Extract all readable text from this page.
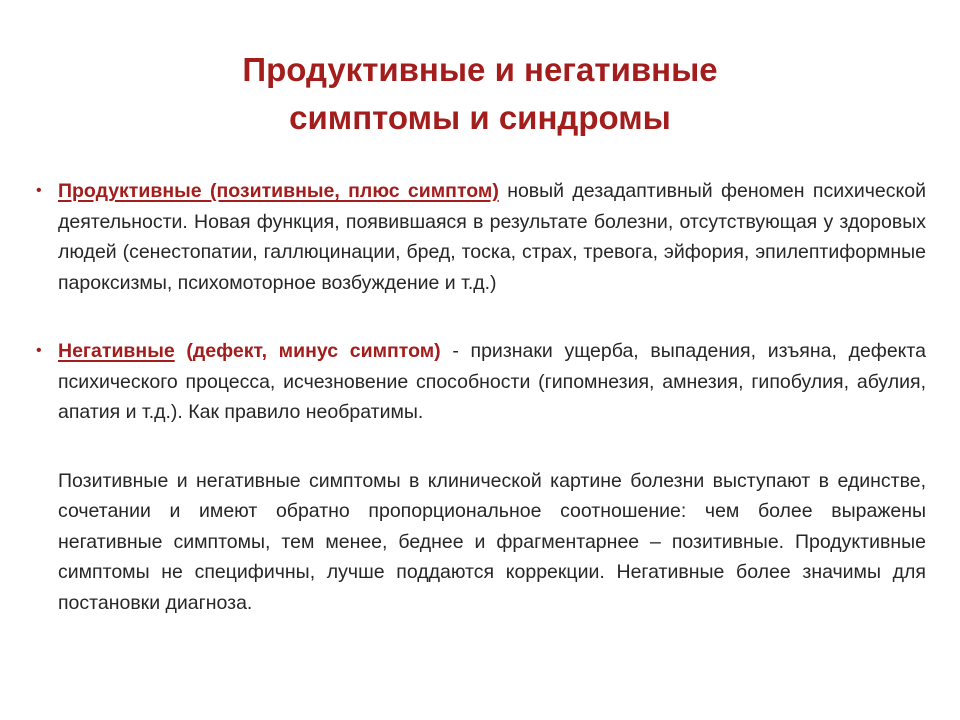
Продуктивные и негативные
симптомы и синдромы
• Продуктивные (позитивные, плюс симптом) новый дезадаптивный феномен психической деятельности. Новая функция, появившаяся в результате болезни, отсутствующая у здоровых людей (сенестопатии, галлюцинации, бред, тоска, страх, тревога, эйфория, эпилептиформные пароксизмы, психомоторное возбуждение и т.д.)
• Негативные (дефект, минус симптом) - признаки ущерба, выпадения, изъяна, дефекта психического процесса, исчезновение способности (гипомнезия, амнезия, гипобулия, абулия, апатия и т.д.). Как правило необратимы.
Позитивные и негативные симптомы в клинической картине болезни выступают в единстве, сочетании и имеют обратно пропорциональное соотношение: чем более выражены негативные симптомы, тем менее, беднее и фрагментарнее – позитивные. Продуктивные симптомы не специфичны, лучше поддаются коррекции. Негативные более значимы для постановки диагноза.
